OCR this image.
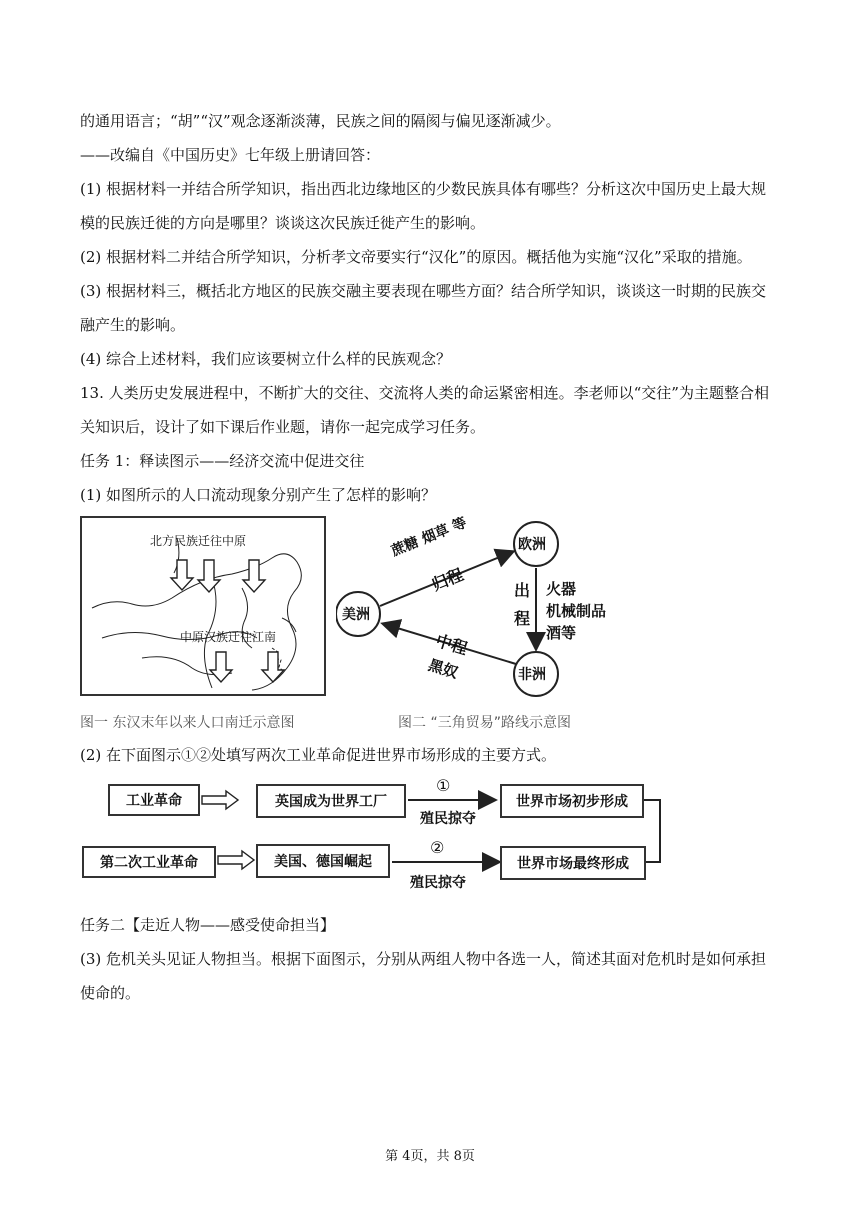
的通用语言；“胡”“汉”观念逐渐淡薄，民族之间的隔阂与偏见逐渐减少。

——改编自《中国历史》七年级上册请回答：

(1) 根据材料一并结合所学知识，指出西北边缘地区的少数民族具体有哪些？分析这次中国历史上最大规模的民族迁徙的方向是哪里？谈谈这次民族迁徙产生的影响。

(2) 根据材料二并结合所学知识，分析孝文帝要实行“汉化”的原因。概括他为实施“汉化”采取的措施。

(3) 根据材料三，概括北方地区的民族交融主要表现在哪些方面？结合所学知识，谈谈这一时期的民族交融产生的影响。

(4) 综合上述材料，我们应该要树立什么样的民族观念？

13. 人类历史发展进程中，不断扩大的交往、交流将人类的命运紧密相连。李老师以“交往”为主题整合相关知识后，设计了如下课后作业题，请你一起完成学习任务。

任务 1：释读图示——经济交流中促进交往

(1) 如图所示的人口流动现象分别产生了怎样的影响？

北方民族迁往中原
中原汉族迁往江南
图一 东汉末年以来人口南迁示意图
欧洲
美洲
非洲
蔗糖 烟草 等
归程	出
程
火器
机械制品
酒等
中程
黑奴
图二 “三角贸易”路线示意图

(2) 在下面图示①②处填写两次工业革命促进世界市场形成的主要方式。

工业革命	英国成为世界工厂
①
殖民掠夺
世界市场初步形成
第二次工业革命	美国、德国崛起
②
殖民掠夺
世界市场最终形成

任务二【走近人物——感受使命担当】

(3) 危机关头见证人物担当。根据下面图示，分别从两组人物中各选一人，简述其面对危机时是如何承担使命的。

第 4页，共 8页
